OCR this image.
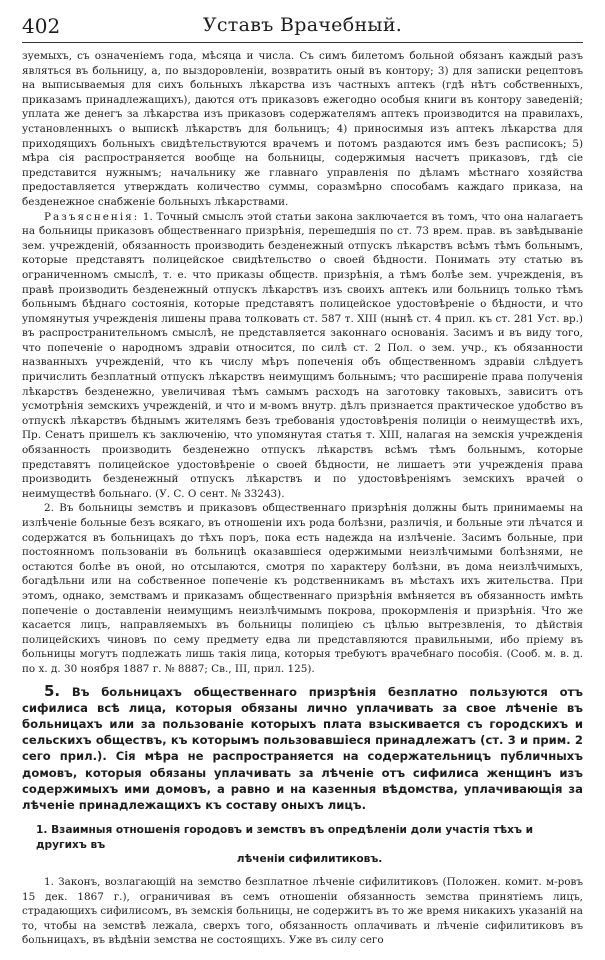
402	Уставъ Врачебный.

зуемыхъ, съ означенiемъ года, мѣсяца и числа. Съ симъ билетомъ больной обязанъ каждый разъ являться въ больницу, а, по выздоровленiи, возвратить оный въ контору; 3) для записки рецептовъ на выписываемыя для сихъ больныхъ лѣкарства изъ частныхъ аптекъ (гдѣ нѣтъ собственныхъ, приказамъ принадлежащихъ), даются отъ приказовъ ежегодно особыя книги въ контору заведенiй; уплата же денегъ за лѣкарства изъ приказовъ содержателямъ аптекъ производится на правилахъ, установленныхъ о выпискѣ лѣкарствъ для больницъ; 4) приносимыя изъ аптекъ лѣкарства для приходящихъ больныхъ свидѣтельствуются врачемъ и потомъ раздаются имъ безъ расписокъ; 5) мѣра сiя распространяется вообще на больницы, содержимыя насчетъ приказовъ, гдѣ сiе представится нужнымъ; начальнику же главнаго управленiя по дѣламъ мѣстнаго хозяйства предоставляется утверждать количество суммы, соразмѣрно способамъ каждаго приказа, на безденежное снабженiе больныхъ лѣкарствами.

Разъясненiя: 1. Точный смыслъ этой статьи закона заключается въ томъ, что она налагаетъ на больницы приказовъ общественнаго призрѣнiя, перешедшiя по ст. 73 врем. прав. въ завѣдыванiе зем. учрежденiй, обязанность производить безденежный отпускъ лѣкарствъ всѣмъ тѣмъ больнымъ, которые представятъ полицейское свидѣтельство о своей бѣдности. Понимать эту статью въ ограниченномъ смыслѣ, т. е. что приказы обществ. призрѣнiя, а тѣмъ болѣе зем. учрежденiя, въ правѣ производить безденежный отпускъ лѣкарствъ изъ своихъ аптекъ или больницъ только тѣмъ больнымъ бѣднаго состоянiя, которые представятъ полицейское удостовѣренiе о бѣдности, и что упомянутыя учрежденiя лишены права толковать ст. 587 т. XIII (нынѣ ст. 4 прил. къ ст. 281 Уст. вр.) въ распространительномъ смыслѣ, не представляется законнаго основанiя. Засимъ и въ виду того, что попеченiе о народномъ здравiи относится, по силѣ ст. 2 Пол. о зем. учр., къ обязанности названныхъ учрежденiй, что къ числу мѣръ попеченiя объ общественномъ здравiи слѣдуетъ причислить безплатный отпускъ лѣкарствъ неимущимъ больнымъ; что расширенiе права полученiя лѣкарствъ безденежно, увеличивая тѣмъ самымъ расходъ на заготовку таковыхъ, зависитъ отъ усмотрѣнiя земскихъ учрежденiй, и что и м-вомъ внутр. дѣлъ признается практическое удобство въ отпускѣ лѣкарствъ бѣднымъ жителямъ безъ требованiя удостовѣренiя полицiи о неимуществѣ ихъ, Пр. Сенатъ пришелъ къ заключенiю, что упомянутая статья т. XIII, налагая на земскiя учрежденiя обязанность производить безденежно отпускъ лѣкарствъ всѣмъ тѣмъ больнымъ, которые представятъ полицейское удостовѣренiе о своей бѣдности, не лишаетъ эти учрежденiя права производить безденежный отпускъ лѣкарствъ и по удостовѣренiямъ земскихъ врачей о неимуществѣ больнаго. (У. С. О сент. № 33243).

2. Въ больницы земствъ и приказовъ общественнаго призрѣнiя должны быть принимаемы на излѣченiе больные безъ всякаго, въ отношенiи ихъ рода болѣзни, различiя, и больные эти лѣчатся и содержатся въ больницахъ до тѣхъ поръ, пока есть надежда на излѣченiе. Засимъ больные, при постоянномъ пользованiи въ больницѣ оказавшiеся одержимыми неизлѣчимыми болѣзнями, не остаются болѣе въ оной, но отсылаются, смотря по характеру болѣзни, въ дома неизлѣчимыхъ, богадѣльни или на собственное попеченiе къ родственникамъ въ мѣстахъ ихъ жительства. При этомъ, однако, земствамъ и приказамъ общественнаго призрѣнiя вмѣняется въ обязанность имѣть попеченiе о доставленiи неимущимъ неизлѣчимымъ покрова, прокормленiя и призрѣнiя. Что же касается лицъ, направляемыхъ въ больницы полицiею съ цѣлью вытрезвленiя, то дѣйствiя полицейскихъ чиновъ по сему предмету едва ли представляются правильными, ибо прiему въ больницы могутъ подлежать лишь такiя лица, которыя требуютъ врачебнаго пособiя. (Сооб. м. в. д. по х. д. 30 ноября 1887 г. № 8887; Св., III, прил. 125).

5. Въ больницахъ общественнаго призрѣнiя безплатно пользуются отъ сифилиса всѣ лица, которыя обязаны лично уплачивать за свое лѣченiе въ больницахъ или за пользованiе которыхъ плата взыскивается съ городскихъ и сельскихъ обществъ, къ которымъ пользовавшiеся принадлежатъ (ст. 3 и прим. 2 сего прил.). Сiя мѣра не распространяется на содержательницъ публичныхъ домовъ, которыя обязаны уплачивать за лѣченiе отъ сифилиса женщинъ изъ содержимыхъ ими домовъ, а равно и на казенныя вѣдомства, уплачивающiя за лѣченiе принадлежащихъ къ составу оныхъ лицъ.

1. Взаимныя отношенiя городовъ и земствъ въ опредѣленiи доли участiя тѣхъ и другихъ въ
лѣченiи сифилитиковъ.

1. Законъ, возлагающiй на земство безплатное лѣченiе сифилитиковъ (Положен. комит. м-ровъ 15 дек. 1867 г.), ограничивая въ семъ отношенiи обязанность земства принятiемъ лицъ, страдающихъ сифилисомъ, въ земскiя больницы, не содержитъ въ то же время никакихъ указанiй на то, чтобы на земствѣ лежала, сверхъ того, обязанность оплачивать и лѣченiе сифилитиковъ въ больницахъ, въ вѣдѣнiи земства не состоящихъ. Уже въ силу сего
